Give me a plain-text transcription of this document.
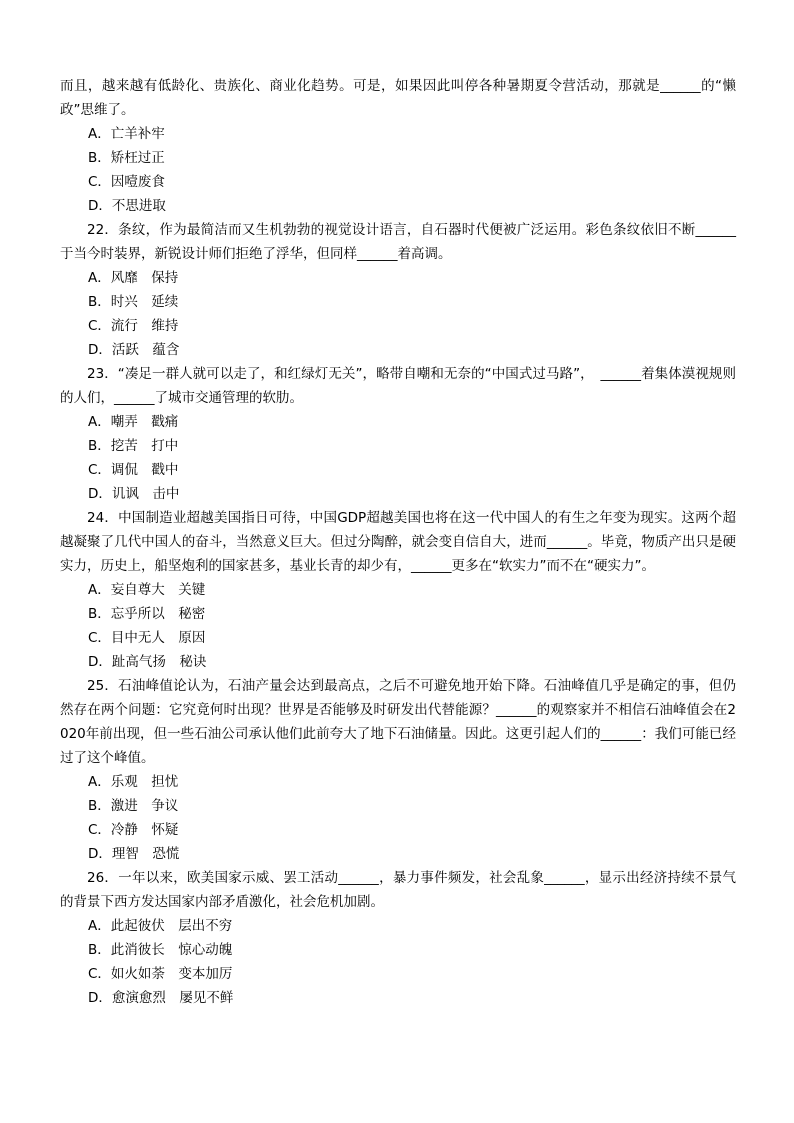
而且，越来越有低龄化、贵族化、商业化趋势。可是，如果因此叫停各种暑期夏令营活动，那就是______的“懒政”思维了。

A．亡羊补牢

B．矫枉过正

C．因噎废食

D．不思进取

22．条纹，作为最简洁而又生机勃勃的视觉设计语言，自石器时代便被广泛运用。彩色条纹依旧不断______于当今时装界，新锐设计师们拒绝了浮华，但同样______着高调。

A．风靡　保持

B．时兴　延续

C．流行　维持

D．活跃　蕴含

23．“凑足一群人就可以走了，和红绿灯无关”，略带自嘲和无奈的“中国式过马路”，　______着集体漠视规则的人们，______了城市交通管理的软肋。

A．嘲弄　戳痛

B．挖苦　打中

C．调侃　戳中

D．讥讽　击中

24．中国制造业超越美国指日可待，中国GDP超越美国也将在这一代中国人的有生之年变为现实。这两个超越凝聚了几代中国人的奋斗，当然意义巨大。但过分陶醉，就会变自信自大，进而______。毕竟，物质产出只是硬实力，历史上，船坚炮利的国家甚多，基业长青的却少有，______更多在“软实力”而不在“硬实力”。

A．妄自尊大　关键

B．忘乎所以　秘密

C．目中无人　原因

D．趾高气扬　秘诀

25．石油峰值论认为，石油产量会达到最高点，之后不可避免地开始下降。石油峰值几乎是确定的事，但仍然存在两个问题：它究竟何时出现？世界是否能够及时研发出代替能源？______的观察家并不相信石油峰值会在2020年前出现，但一些石油公司承认他们此前夸大了地下石油储量。因此。这更引起人们的______：我们可能已经过了这个峰值。

A．乐观　担忧

B．激进　争议

C．冷静　怀疑

D．理智　恐慌

26．一年以来，欧美国家示威、罢工活动______，暴力事件频发，社会乱象______，显示出经济持续不景气的背景下西方发达国家内部矛盾激化，社会危机加剧。

A．此起彼伏　层出不穷

B．此消彼长　惊心动魄

C．如火如荼　变本加厉

D．愈演愈烈　屡见不鲜
